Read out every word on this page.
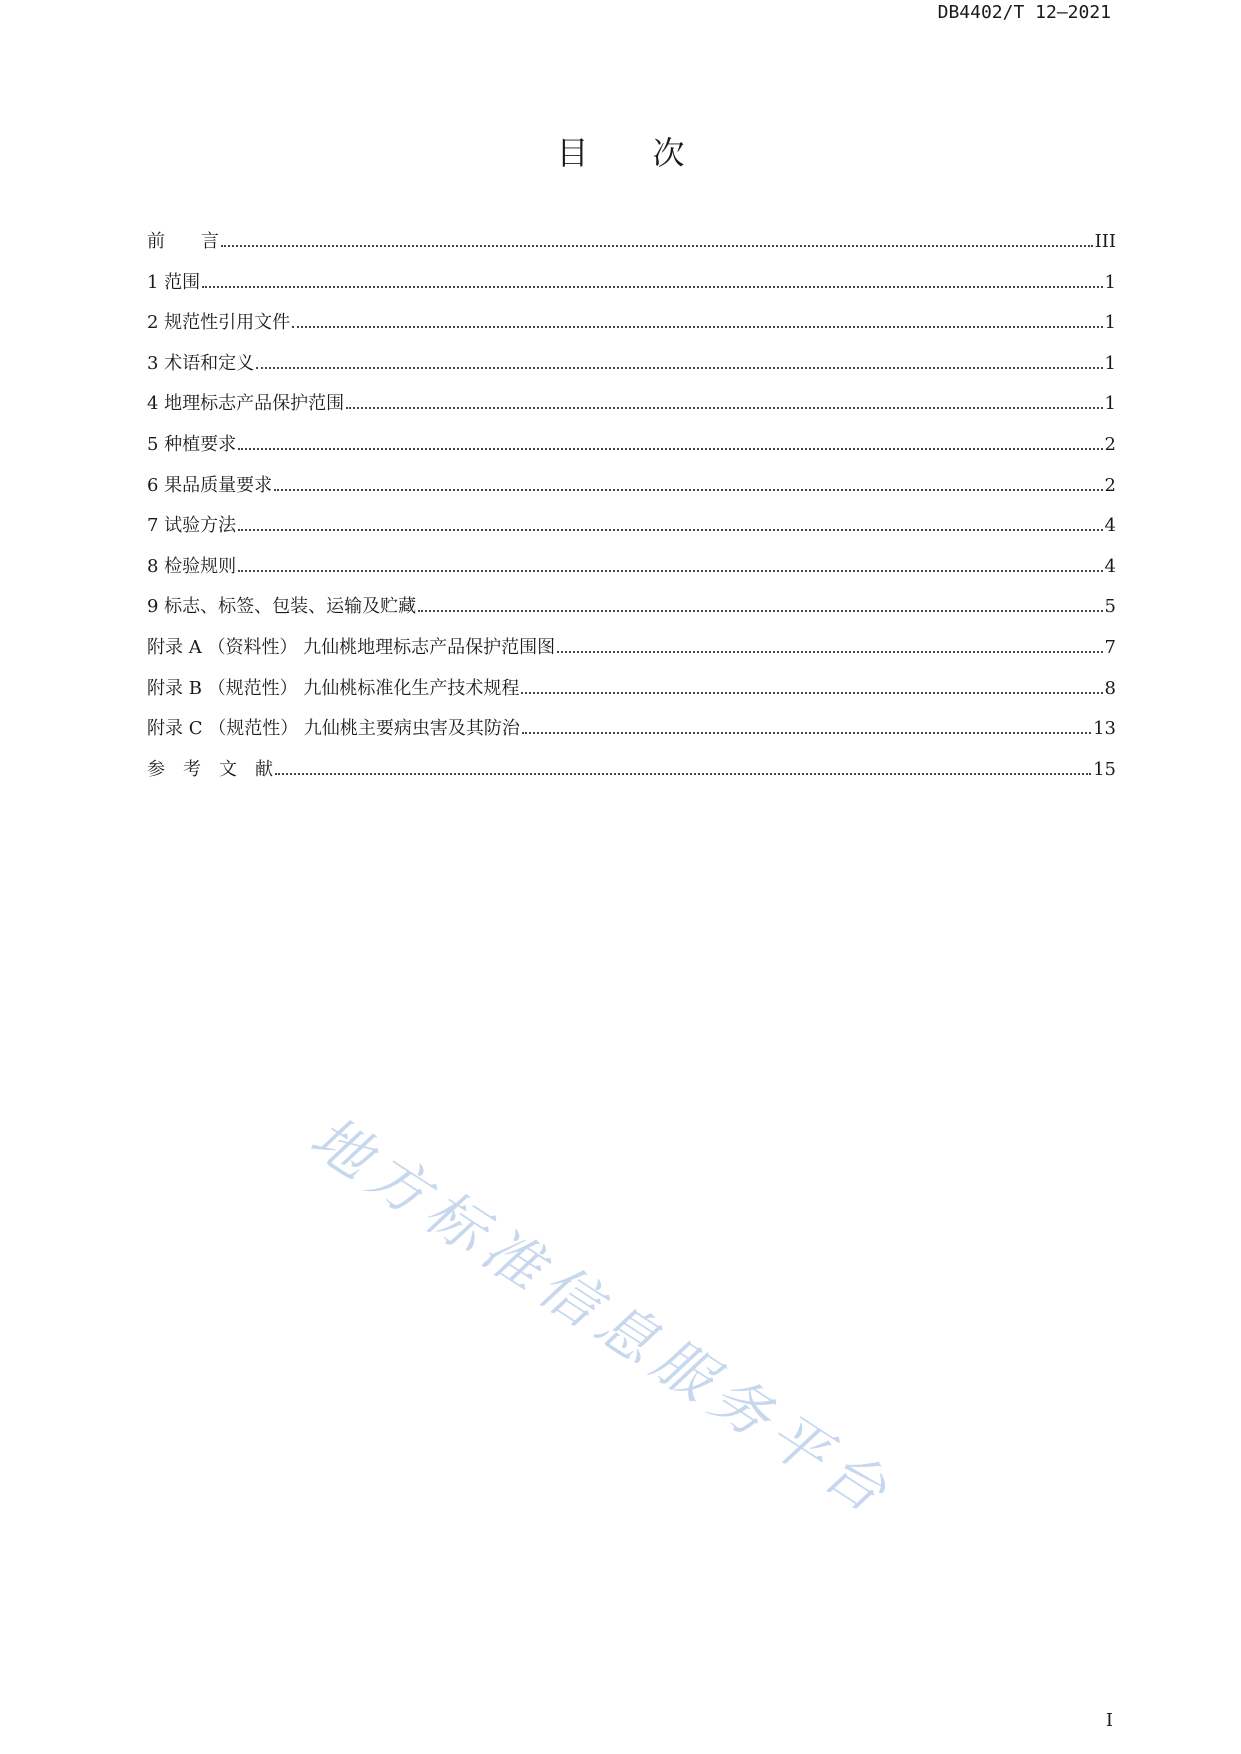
DB4402/T 12—2021
目　　次
前　　言	III
1 范围	1
2 规范性引用文件	1
3 术语和定义	1
4 地理标志产品保护范围	1
5 种植要求	2
6 果品质量要求	2
7 试验方法	4
8 检验规则	4
9 标志、标签、包装、运输及贮藏	5
附录 A （资料性） 九仙桃地理标志产品保护范围图	7
附录 B （规范性） 九仙桃标准化生产技术规程	8
附录 C （规范性） 九仙桃主要病虫害及其防治	13
参　考　文　献	15
地方标准信息服务平台
I
